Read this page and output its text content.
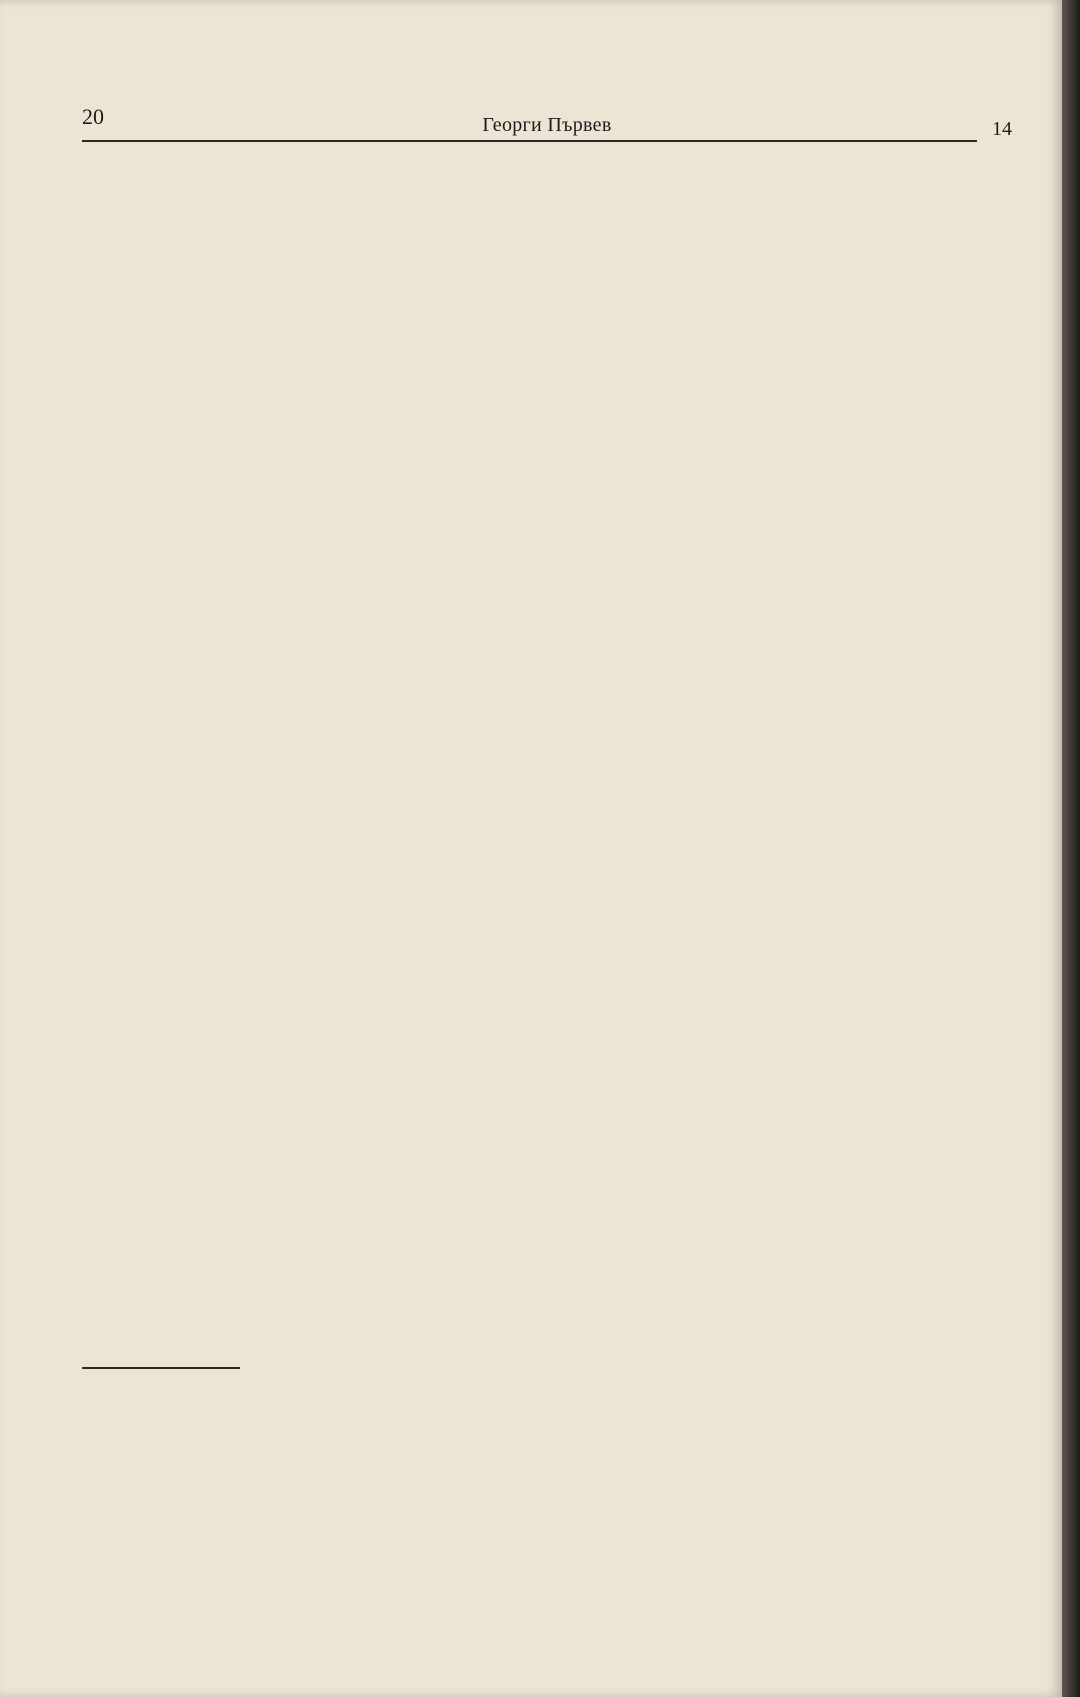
20	Георги Първев	14
